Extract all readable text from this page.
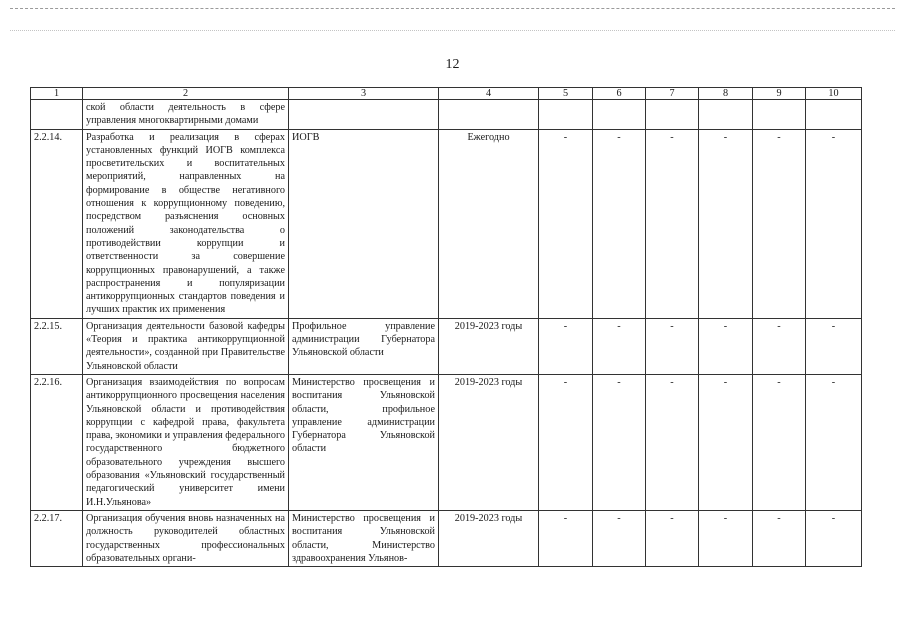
12
1	2	3	4	5	6	7	8	9	10
	ской области деятельность в сфере управления многоквартирными домами								
2.2.14.	Разработка и реализация в сферах установленных функций ИОГВ комплекса просветительских и воспитательных мероприятий, направленных на формирование в обществе негативного отношения к коррупционному поведению, посредством разъяснения основных положений законодательства о противодействии коррупции и ответственности за совершение коррупционных правонарушений, а также распространения и популяризации антикоррупционных стандартов поведения и лучших практик их применения	ИОГВ	Ежегодно	-	-	-	-	-	-
2.2.15.	Организация деятельности базовой кафедры «Теория и практика антикоррупционной деятельности», созданной при Правительстве Ульяновской области	Профильное управление администрации Губернатора Ульяновской области	2019-2023 годы	-	-	-	-	-	-
2.2.16.	Организация взаимодействия по вопросам антикоррупционного просвещения населения Ульяновской области и противодействия коррупции с кафедрой права, факультета права, экономики и управления федерального государственного бюджетного образовательного учреждения высшего образования «Ульяновский государственный педагогический университет имени И.Н.Ульянова»	Министерство просвещения и воспитания Ульяновской области, профильное управление администрации Губернатора Ульяновской области	2019-2023 годы	-	-	-	-	-	-
2.2.17.	Организация обучения вновь назначенных на должность руководителей областных государственных профессиональных образовательных органи-	Министерство просвещения и воспитания Ульяновской области, Министерство здравоохранения Ульянов-	2019-2023 годы	-	-	-	-	-	-
